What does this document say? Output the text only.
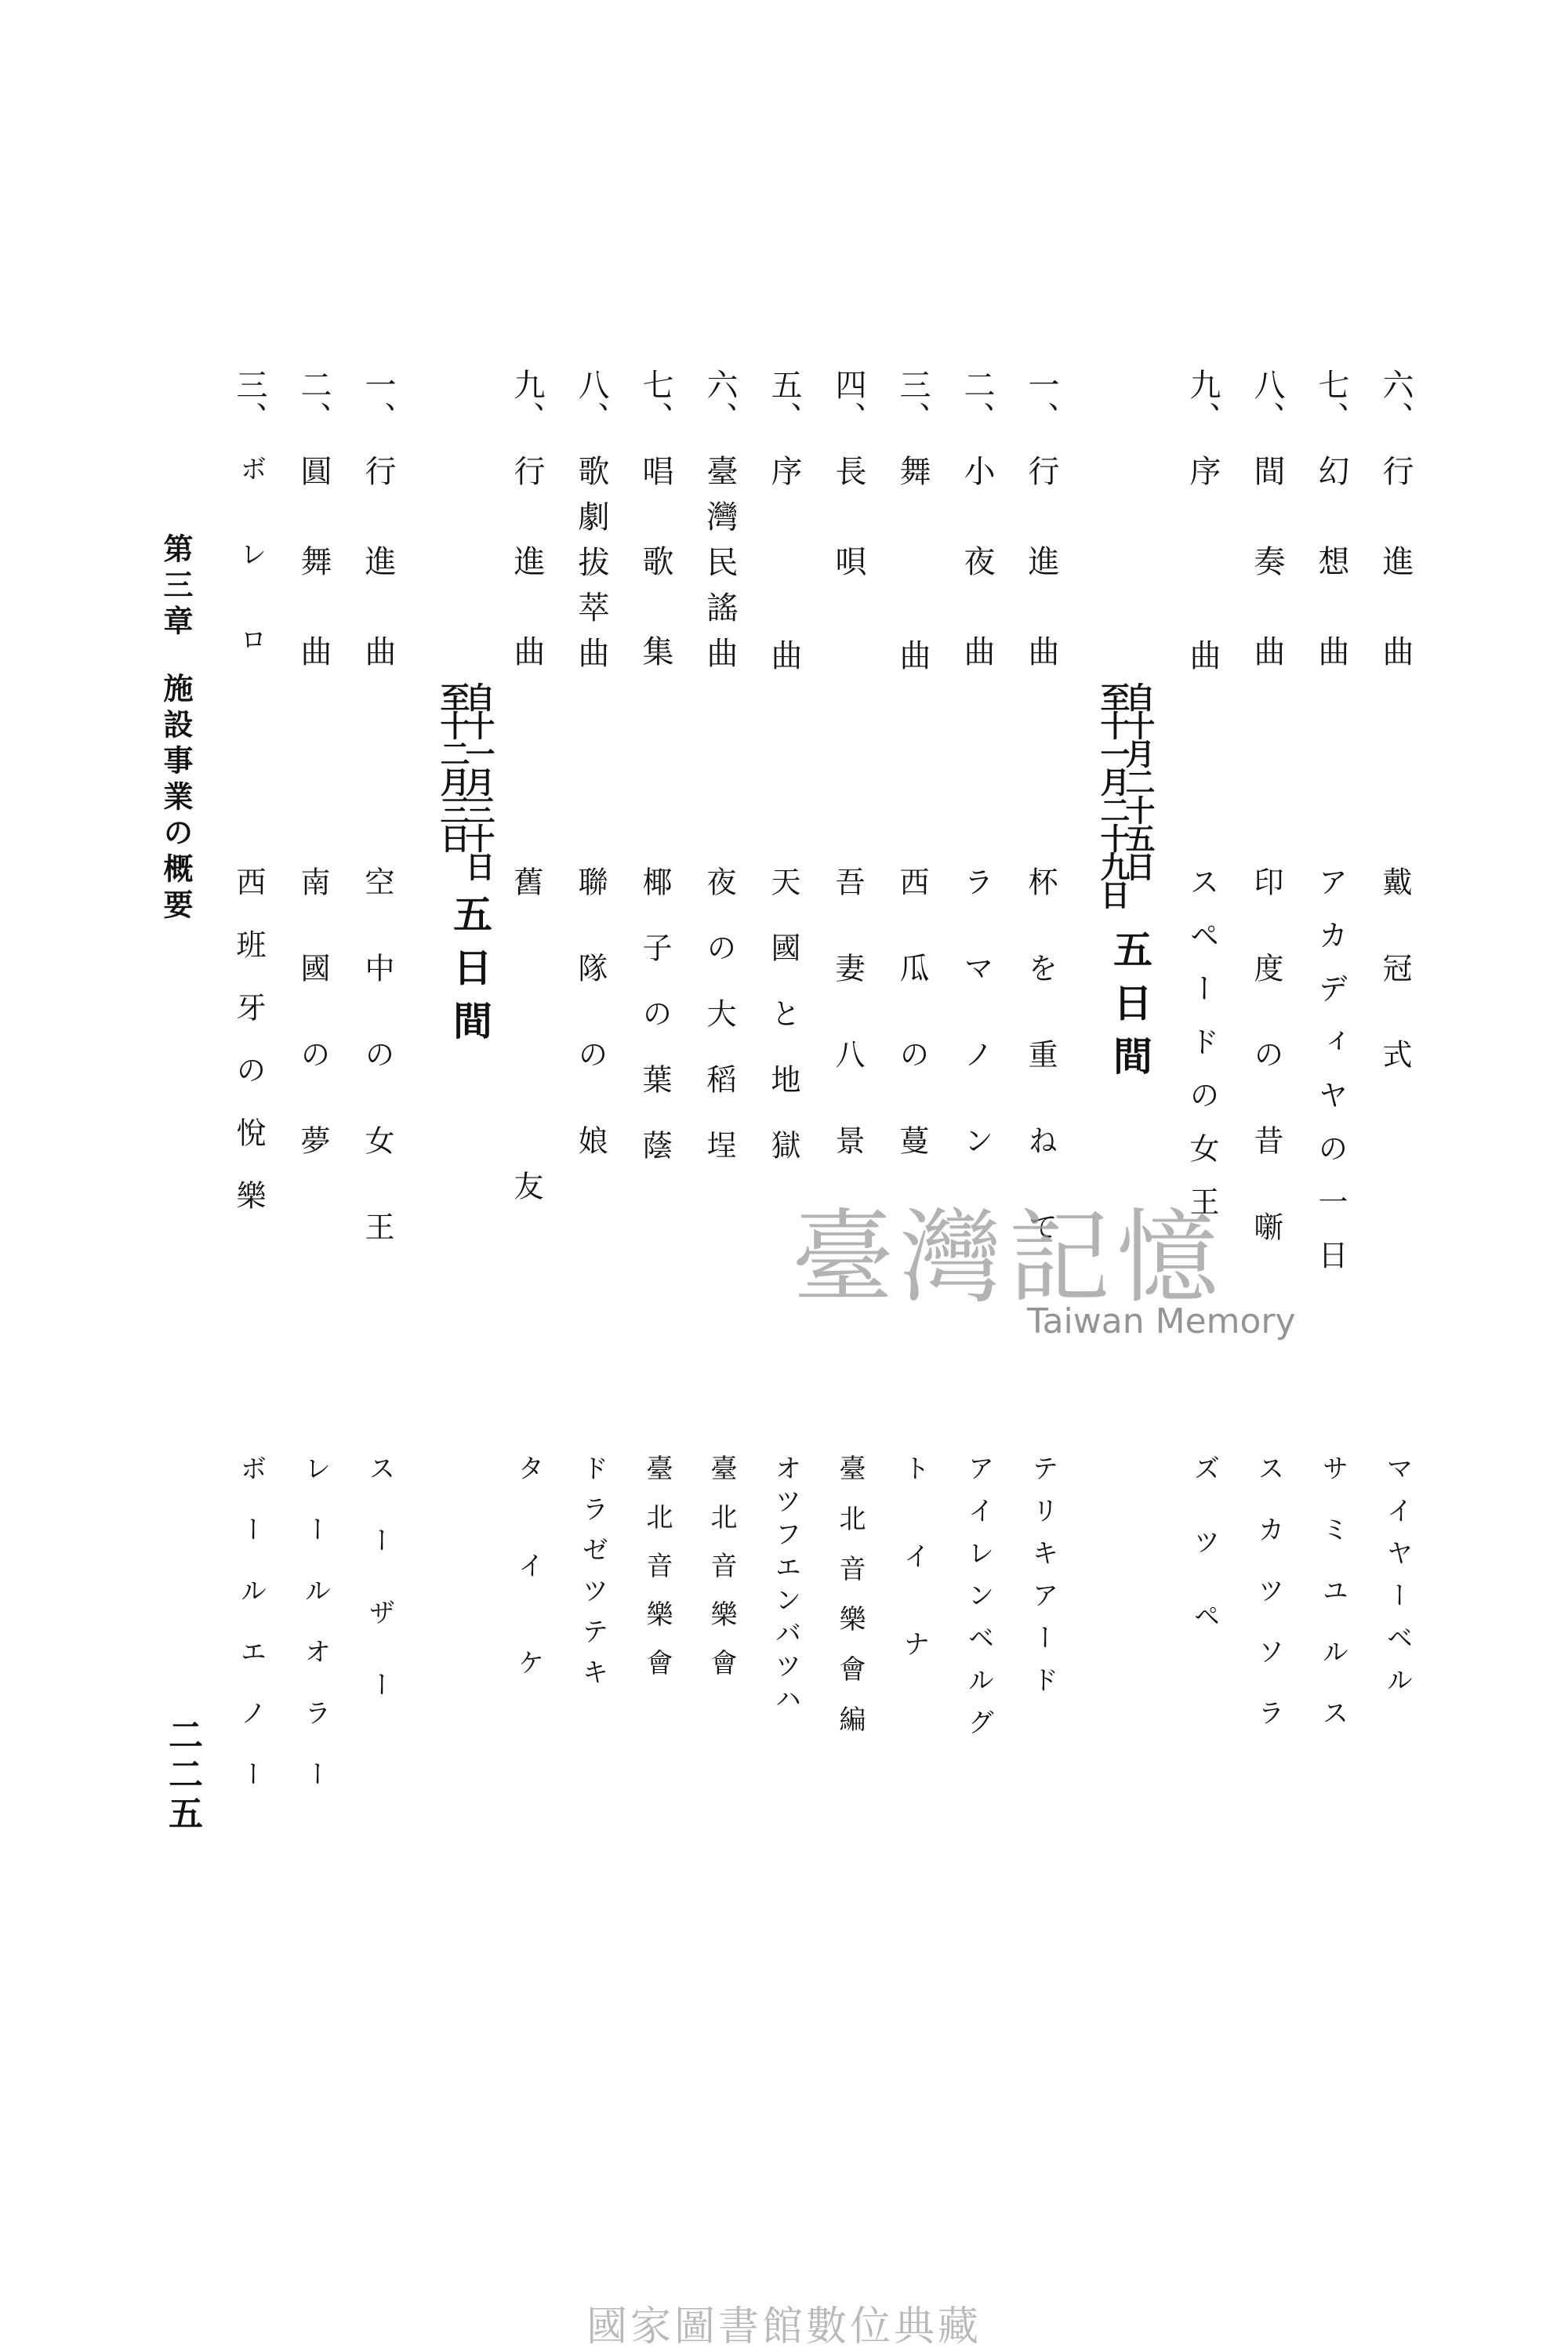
六、
行進曲
戴冠式
マイヤーベル
七、
幻想曲
アカディヤの一日
サミユルス
八、
間奏曲
印度の昔噺
スカツソラ
九、
序曲
スペードの女王
ズツペ
自十月二十五日
至十一月二十九日
五日間
一、
行進曲
杯を重ねて
テリキアード
二、
小夜曲
ラマノン
アイレンベルグ
三、
舞曲
西瓜の蔓
トイナ
四、
長唄
吾妻八景
臺北音樂會編
五、
序曲
天國と地獄
オツフエンバツハ
六、
臺灣民謠曲
夜の大稻埕
臺北音樂會
七、
唱歌集
椰子の葉蔭
臺北音樂會
八、
歌劇拔萃曲
聯隊の娘
ドラゼツテキ
九、
行進曲
舊友
タイケ
自十一月三十日
至十二月三日
五日間
一、
行進曲
空中の女王
スーザー
二、
圓舞曲
南國の夢
レールオラー
三、
ボレロ
西班牙の悅樂
ボールエノー
第三章施設事業の概要
二二五
臺灣記憶
Taiwan Memory
國家圖書館數位典藏
